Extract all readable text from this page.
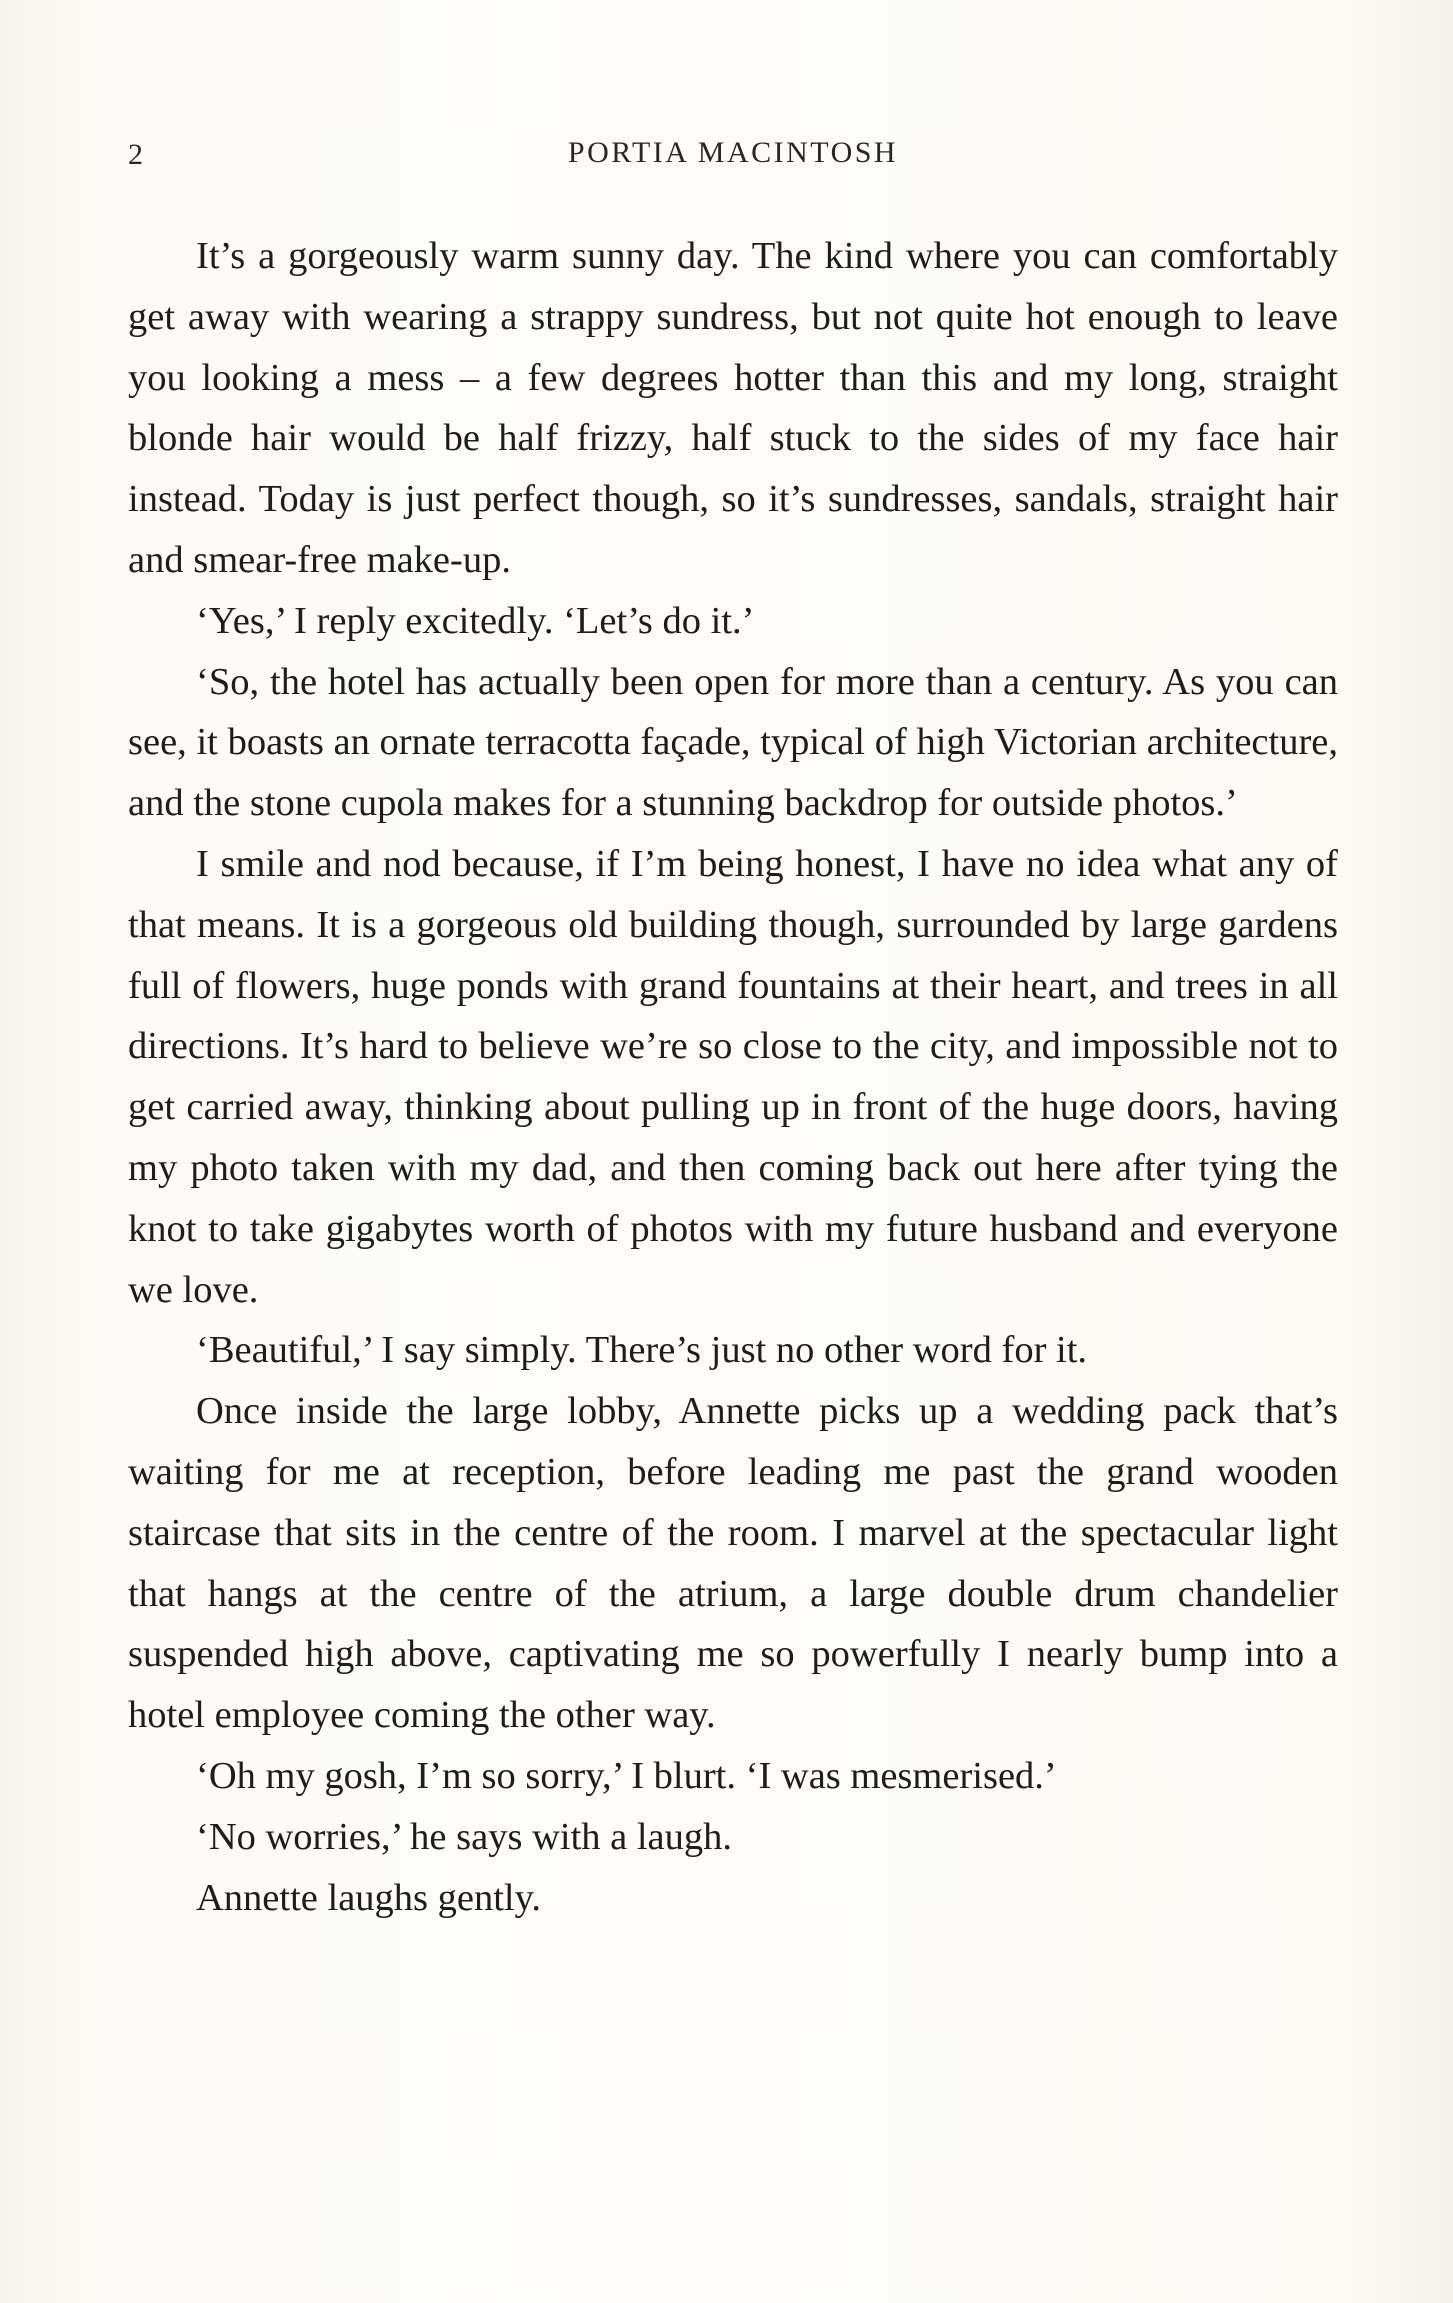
2	PORTIA MACINTOSH

It’s a gorgeously warm sunny day. The kind where you can comfortably get away with wearing a strappy sundress, but not quite hot enough to leave you looking a mess – a few degrees hotter than this and my long, straight blonde hair would be half frizzy, half stuck to the sides of my face hair instead. Today is just perfect though, so it’s sundresses, sandals, straight hair and smear-free make-up.

‘Yes,’ I reply excitedly. ‘Let’s do it.’

‘So, the hotel has actually been open for more than a century. As you can see, it boasts an ornate terracotta façade, typical of high Victorian architecture, and the stone cupola makes for a stunning backdrop for outside photos.’

I smile and nod because, if I’m being honest, I have no idea what any of that means. It is a gorgeous old building though, surrounded by large gardens full of flowers, huge ponds with grand fountains at their heart, and trees in all directions. It’s hard to believe we’re so close to the city, and impossible not to get carried away, thinking about pulling up in front of the huge doors, having my photo taken with my dad, and then coming back out here after tying the knot to take gigabytes worth of photos with my future husband and everyone we love.

‘Beautiful,’ I say simply. There’s just no other word for it.

Once inside the large lobby, Annette picks up a wedding pack that’s waiting for me at reception, before leading me past the grand wooden staircase that sits in the centre of the room. I marvel at the spectacular light that hangs at the centre of the atrium, a large double drum chandelier suspended high above, captivating me so powerfully I nearly bump into a hotel employee coming the other way.

‘Oh my gosh, I’m so sorry,’ I blurt. ‘I was mesmerised.’

‘No worries,’ he says with a laugh.

Annette laughs gently.
